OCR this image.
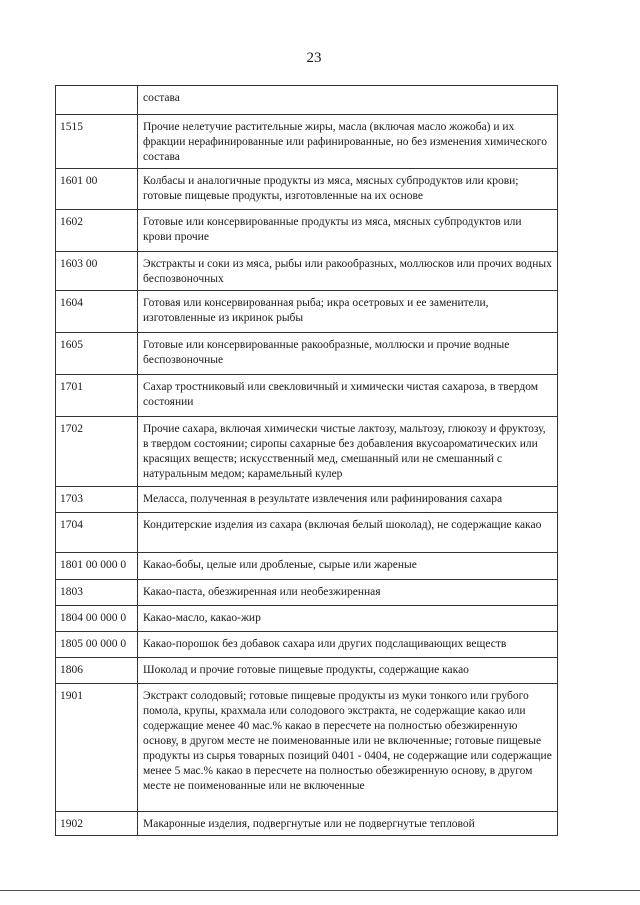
23
	состава
1515	Прочие нелетучие растительные жиры, масла (включая масло жожоба) и их фракции нерафинированные или рафинированные, но без изменения химического состава
1601 00	Колбасы и аналогичные продукты из мяса, мясных субпродуктов или крови; готовые пищевые продукты, изготовленные на их основе
1602	Готовые или консервированные продукты из мяса, мясных субпродуктов или крови прочие
1603 00	Экстракты и соки из мяса, рыбы или ракообразных, моллюсков или прочих водных беспозвоночных
1604	Готовая или консервированная рыба; икра осетровых и ее заменители, изготовленные из икринок рыбы
1605	Готовые или консервированные ракообразные, моллюски и прочие водные беспозвоночные
1701	Сахар тростниковый или свекловичный и химически чистая сахароза, в твердом состоянии
1702	Прочие сахара, включая химически чистые лактозу, мальтозу, глюкозу и фруктозу, в твердом состоянии; сиропы сахарные без добавления вкусоароматических или красящих веществ; искусственный мед, смешанный или не смешанный с натуральным медом; карамельный кулер
1703	Меласса, полученная в результате извлечения или рафинирования сахара
1704	Кондитерские изделия из сахара (включая белый шоколад), не содержащие какао
1801 00 000 0	Какао-бобы, целые или дробленые, сырые или жареные
1803	Какао-паста, обезжиренная или необезжиренная
1804 00 000 0	Какао-масло, какао-жир
1805 00 000 0	Какао-порошок без добавок сахара или других подслащивающих веществ
1806	Шоколад и прочие готовые пищевые продукты, содержащие какао
1901	Экстракт солодовый; готовые пищевые продукты из муки тонкого или грубого помола, крупы, крахмала или солодового экстракта, не содержащие какао или содержащие менее 40 мас.% какао в пересчете на полностью обезжиренную основу, в другом месте не поименованные или не включенные; готовые пищевые продукты из сырья товарных позиций 0401 - 0404, не содержащие или содержащие менее 5 мас.% какао в пересчете на полностью обезжиренную основу, в другом месте не поименованные или не включенные
1902	Макаронные изделия, подвергнутые или не подвергнутые тепловой
